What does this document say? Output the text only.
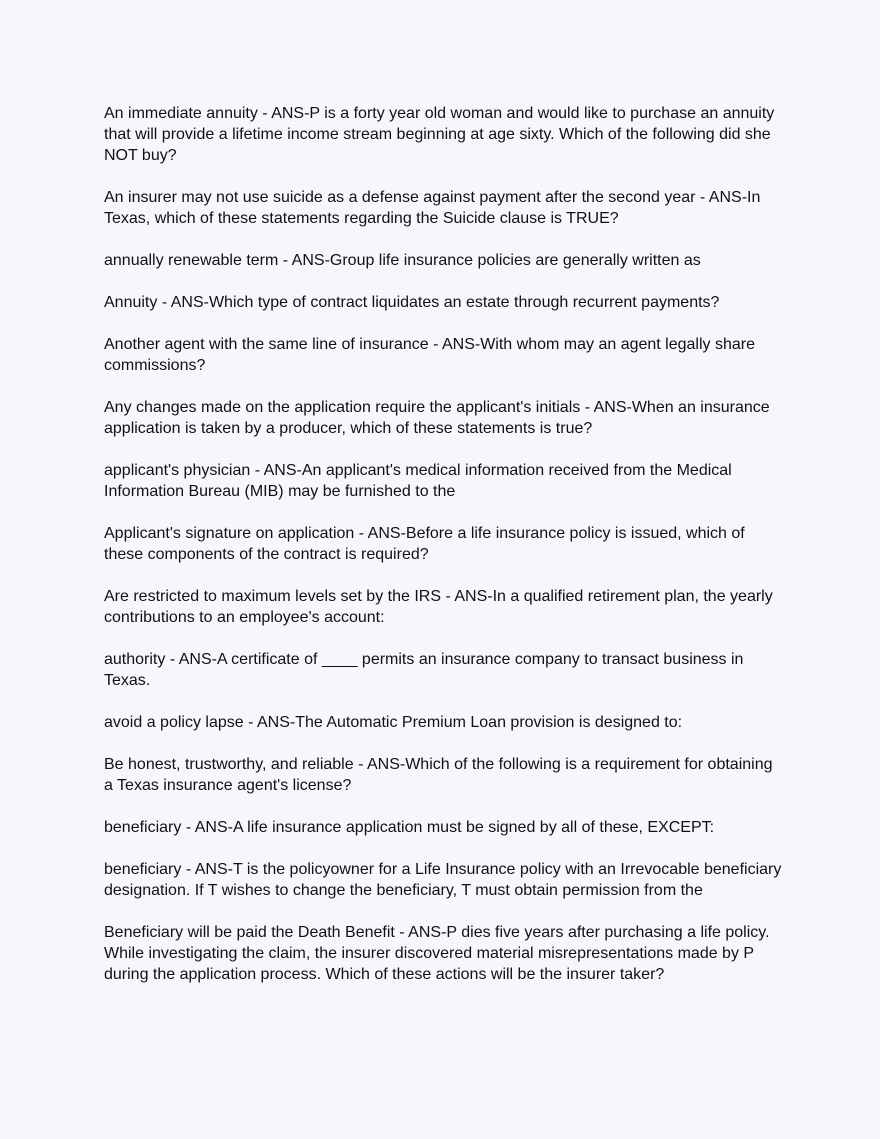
An immediate annuity - ANS-P is a forty year old woman and would like to purchase an annuity that will provide a lifetime income stream beginning at age sixty. Which of the following did she NOT buy?

An insurer may not use suicide as a defense against payment after the second year - ANS-In Texas, which of these statements regarding the Suicide clause is TRUE?

annually renewable term - ANS-Group life insurance policies are generally written as

Annuity - ANS-Which type of contract liquidates an estate through recurrent payments?

Another agent with the same line of insurance - ANS-With whom may an agent legally share commissions?

Any changes made on the application require the applicant's initials - ANS-When an insurance application is taken by a producer, which of these statements is true?

applicant's physician - ANS-An applicant's medical information received from the Medical Information Bureau (MIB) may be furnished to the

Applicant's signature on application - ANS-Before a life insurance policy is issued, which of these components of the contract is required?

Are restricted to maximum levels set by the IRS - ANS-In a qualified retirement plan, the yearly contributions to an employee's account:

authority - ANS-A certificate of ____ permits an insurance company to transact business in Texas.

avoid a policy lapse - ANS-The Automatic Premium Loan provision is designed to:

Be honest, trustworthy, and reliable - ANS-Which of the following is a requirement for obtaining a Texas insurance agent's license?

beneficiary - ANS-A life insurance application must be signed by all of these, EXCEPT:

beneficiary - ANS-T is the policyowner for a Life Insurance policy with an Irrevocable beneficiary designation. If T wishes to change the beneficiary, T must obtain permission from the

Beneficiary will be paid the Death Benefit - ANS-P dies five years after purchasing a life policy. While investigating the claim, the insurer discovered material misrepresentations made by P during the application process. Which of these actions will be the insurer taker?
